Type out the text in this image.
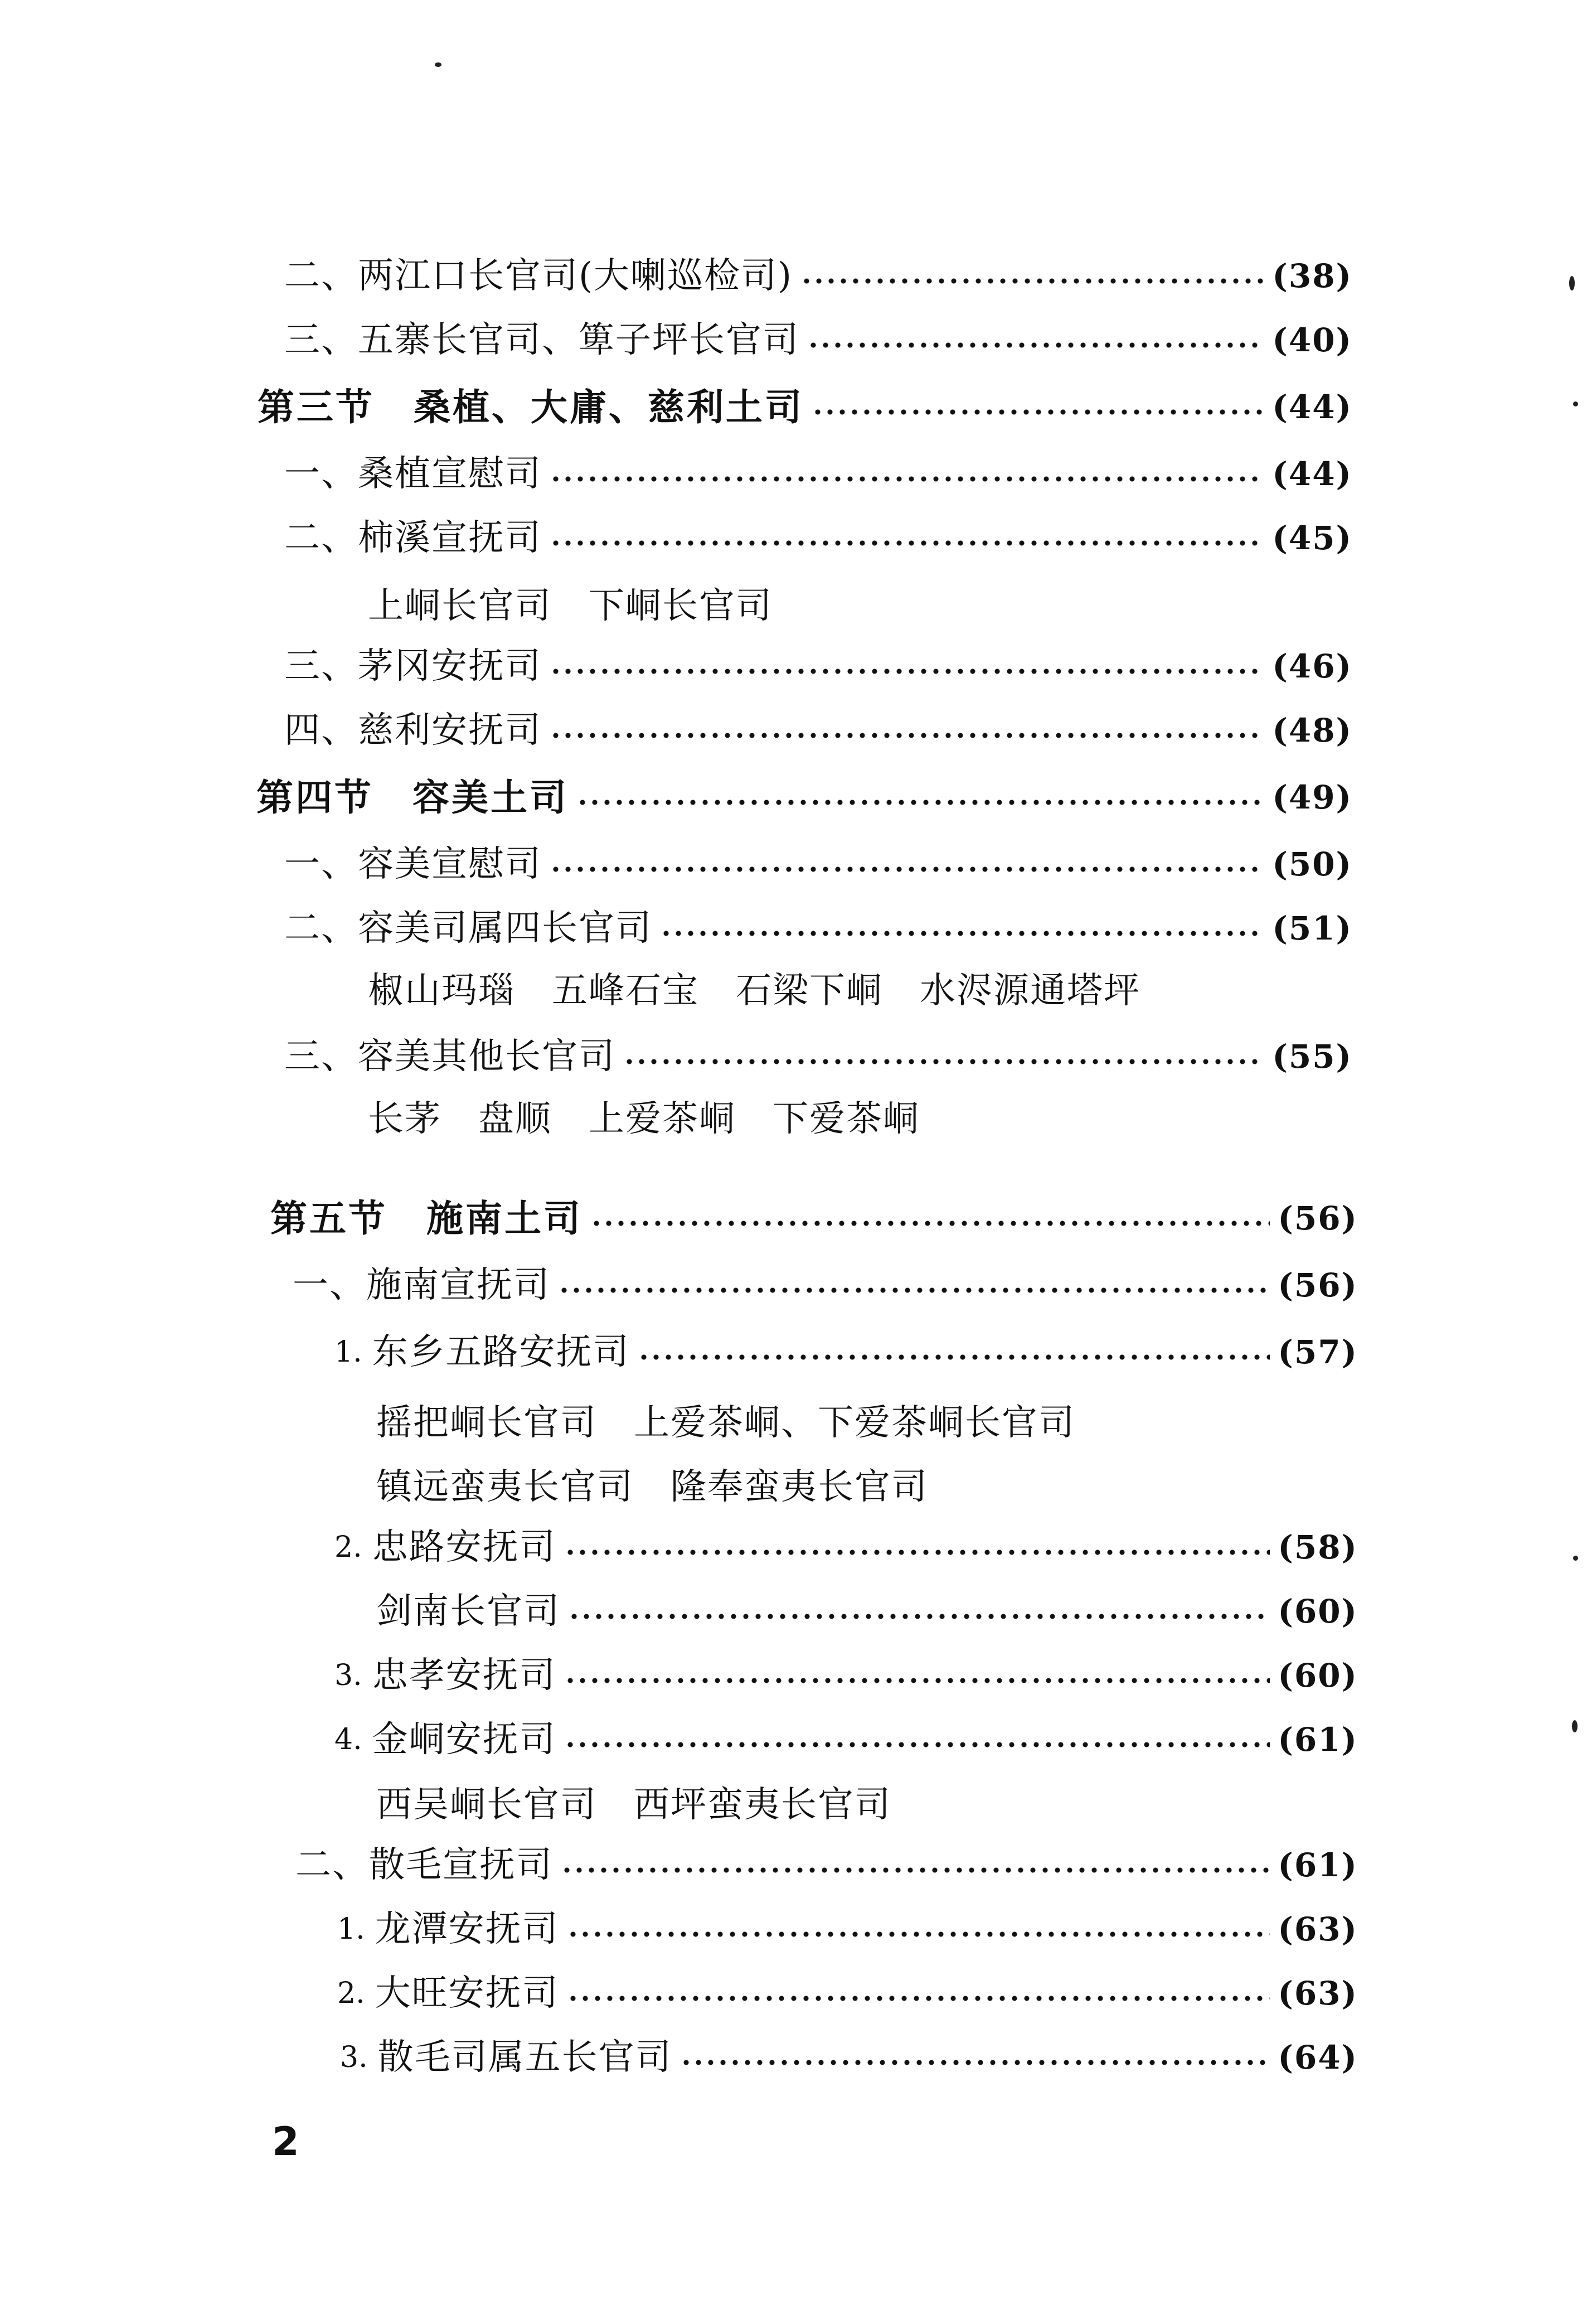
二、两江口长官司(大喇巡检司)	(38)
三、五寨长官司、箄子坪长官司	(40)
第三节　桑植、大庸、慈利土司	(44)
一、桑植宣慰司	(44)
二、柿溪宣抚司	(45)
上峒长官司　下峒长官司
三、茅冈安抚司	(46)
四、慈利安抚司	(48)
第四节　容美土司	(49)
一、容美宣慰司	(50)
二、容美司属四长官司	(51)
椒山玛瑙　五峰石宝　石梁下峒　水浕源通塔坪
三、容美其他长官司	(55)
长茅　盘顺　上爱茶峒　下爱茶峒
第五节　施南土司	(56)
一、施南宣抚司	(56)
1. 东乡五路安抚司	(57)
摇把峒长官司　上爱茶峒、下爱茶峒长官司
镇远蛮夷长官司　隆奉蛮夷长官司
2. 忠路安抚司	(58)
剑南长官司	(60)
3. 忠孝安抚司	(60)
4. 金峒安抚司	(61)
西吴峒长官司　西坪蛮夷长官司
二、散毛宣抚司	(61)
1. 龙潭安抚司	(63)
2. 大旺安抚司	(63)
3. 散毛司属五长官司	(64)
2
